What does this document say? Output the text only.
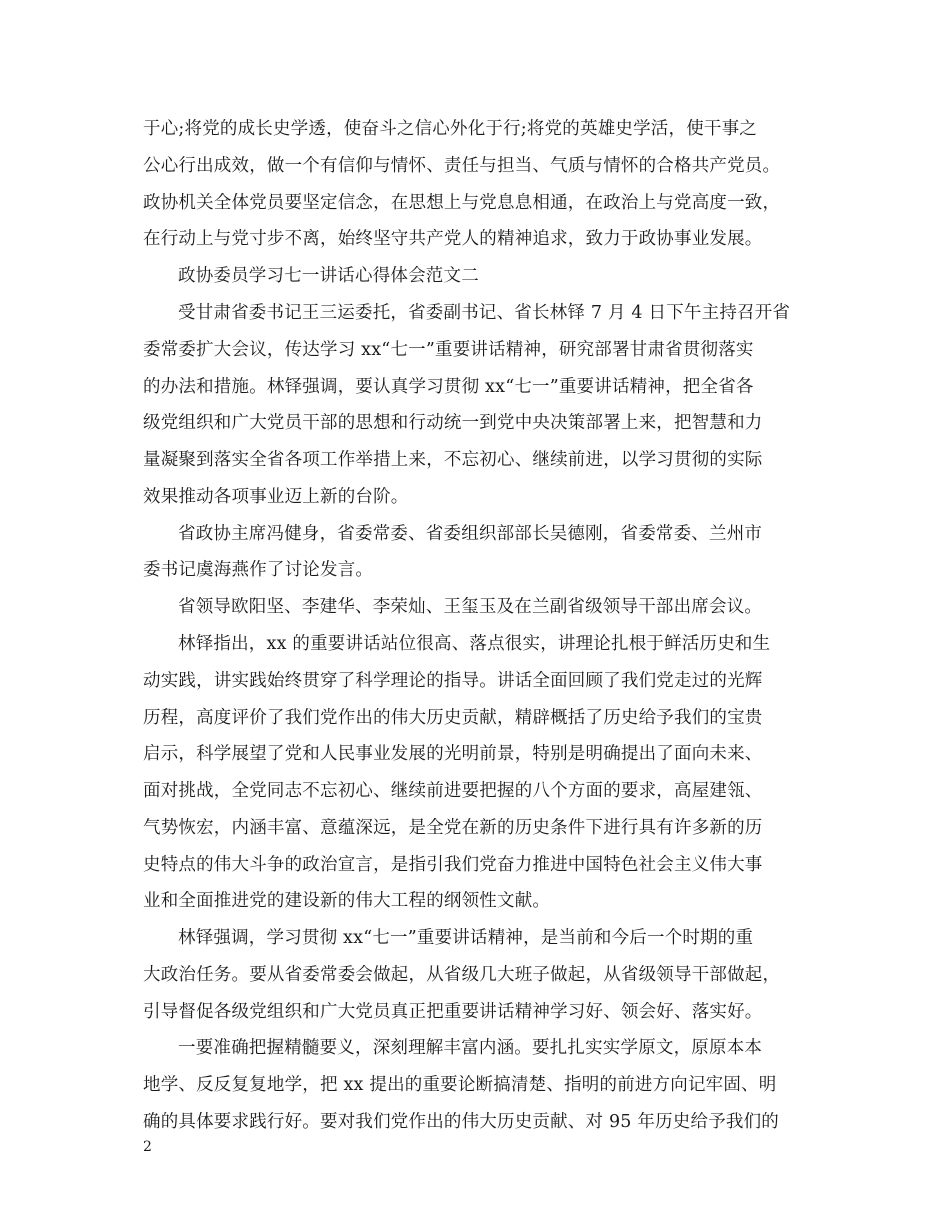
于心;将党的成长史学透，使奋斗之信心外化于行;将党的英雄史学活，使干事之
公心行出成效，做一个有信仰与情怀、责任与担当、气质与情怀的合格共产党员。
政协机关全体党员要坚定信念，在思想上与党息息相通，在政治上与党高度一致，
在行动上与党寸步不离，始终坚守共产党人的精神追求，致力于政协事业发展。
政协委员学习七一讲话心得体会范文二
受甘肃省委书记王三运委托，省委副书记、省长林铎 7 月 4 日下午主持召开省
委常委扩大会议，传达学习 xx“七一”重要讲话精神，研究部署甘肃省贯彻落实
的办法和措施。林铎强调，要认真学习贯彻 xx“七一”重要讲话精神，把全省各
级党组织和广大党员干部的思想和行动统一到党中央决策部署上来，把智慧和力
量凝聚到落实全省各项工作举措上来，不忘初心、继续前进，以学习贯彻的实际
效果推动各项事业迈上新的台阶。
省政协主席冯健身，省委常委、省委组织部部长吴德刚，省委常委、兰州市
委书记虞海燕作了讨论发言。
省领导欧阳坚、李建华、李荣灿、王玺玉及在兰副省级领导干部出席会议。
林铎指出，xx 的重要讲话站位很高、落点很实，讲理论扎根于鲜活历史和生
动实践，讲实践始终贯穿了科学理论的指导。讲话全面回顾了我们党走过的光辉
历程，高度评价了我们党作出的伟大历史贡献，精辟概括了历史给予我们的宝贵
启示，科学展望了党和人民事业发展的光明前景，特别是明确提出了面向未来、
面对挑战，全党同志不忘初心、继续前进要把握的八个方面的要求，高屋建瓴、
气势恢宏，内涵丰富、意蕴深远，是全党在新的历史条件下进行具有许多新的历
史特点的伟大斗争的政治宣言，是指引我们党奋力推进中国特色社会主义伟大事
业和全面推进党的建设新的伟大工程的纲领性文献。
林铎强调，学习贯彻 xx“七一”重要讲话精神，是当前和今后一个时期的重
大政治任务。要从省委常委会做起，从省级几大班子做起，从省级领导干部做起，
引导督促各级党组织和广大党员真正把重要讲话精神学习好、领会好、落实好。
一要准确把握精髓要义，深刻理解丰富内涵。要扎扎实实学原文，原原本本
地学、反反复复地学，把 xx 提出的重要论断搞清楚、指明的前进方向记牢固、明
确的具体要求践行好。要对我们党作出的伟大历史贡献、对 95 年历史给予我们的
2
